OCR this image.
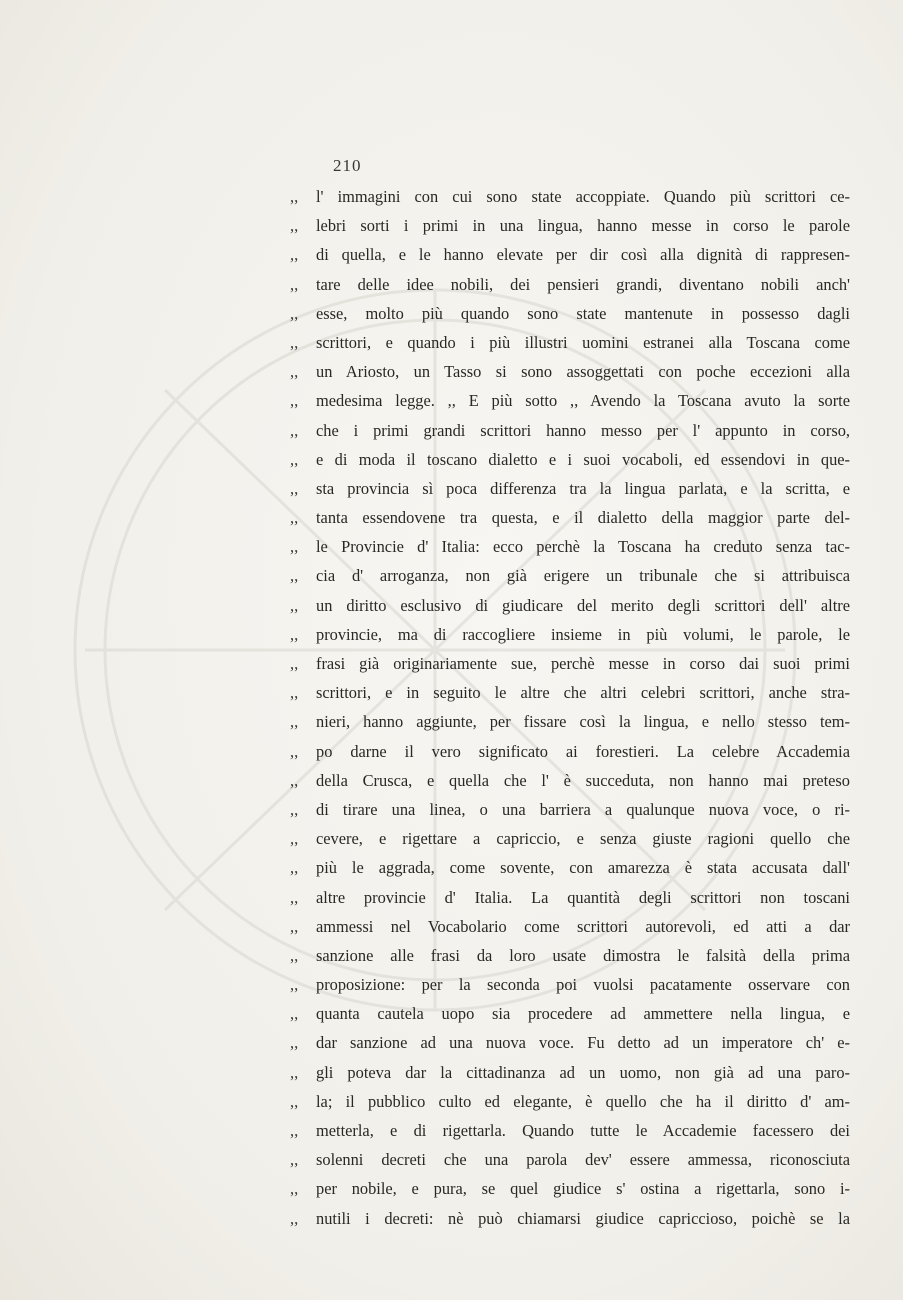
210
,,	l' immagini con cui sono state accoppiate. Quando più scrittori ce-
,,	lebri sorti i primi in una lingua, hanno messe in corso le parole
,,	di quella, e le hanno elevate per dir così alla dignità di rappresen-
,,	tare delle idee nobili, dei pensieri grandi, diventano nobili anch'
,,	esse, molto più quando sono state mantenute in possesso dagli
,,	scrittori, e quando i più illustri uomini estranei alla Toscana come
,,	un Ariosto, un Tasso si sono assoggettati con poche eccezioni alla
,,	medesima legge. ,, E più sotto ,, Avendo la Toscana avuto la sorte
,,	che i primi grandi scrittori hanno messo per l' appunto in corso,
,,	e di moda il toscano dialetto e i suoi vocaboli, ed essendovi in que-
,,	sta provincia sì poca differenza tra la lingua parlata, e la scritta, e
,,	tanta essendovene tra questa, e il dialetto della maggior parte del-
,,	le Provincie d' Italia: ecco perchè la Toscana ha creduto senza tac-
,,	cia d' arroganza, non già erigere un tribunale che si attribuisca
,,	un diritto esclusivo di giudicare del merito degli scrittori dell' altre
,,	provincie, ma di raccogliere insieme in più volumi, le parole, le
,,	frasi già originariamente sue, perchè messe in corso dai suoi primi
,,	scrittori, e in seguito le altre che altri celebri scrittori, anche stra-
,,	nieri, hanno aggiunte, per fissare così la lingua, e nello stesso tem-
,,	po darne il vero significato ai forestieri. La celebre Accademia
,,	della Crusca, e quella che l' è succeduta, non hanno mai preteso
,,	di tirare una linea, o una barriera a qualunque nuova voce, o ri-
,,	cevere, e rigettare a capriccio, e senza giuste ragioni quello che
,,	più le aggrada, come sovente, con amarezza è stata accusata dall'
,,	altre provincie d' Italia. La quantità degli scrittori non toscani
,,	ammessi nel Vocabolario come scrittori autorevoli, ed atti a dar
,,	sanzione alle frasi da loro usate dimostra le falsità della prima
,,	proposizione: per la seconda poi vuolsi pacatamente osservare con
,,	quanta cautela uopo sia procedere ad ammettere nella lingua, e
,,	dar sanzione ad una nuova voce. Fu detto ad un imperatore ch' e-
,,	gli poteva dar la cittadinanza ad un uomo, non già ad una paro-
,,	la; il pubblico culto ed elegante, è quello che ha il diritto d' am-
,,	metterla, e di rigettarla. Quando tutte le Accademie facessero dei
,,	solenni decreti che una parola dev' essere ammessa, riconosciuta
,,	per nobile, e pura, se quel giudice s' ostina a rigettarla, sono i-
,,	nutili i decreti: nè può chiamarsi giudice capriccioso, poichè se la
